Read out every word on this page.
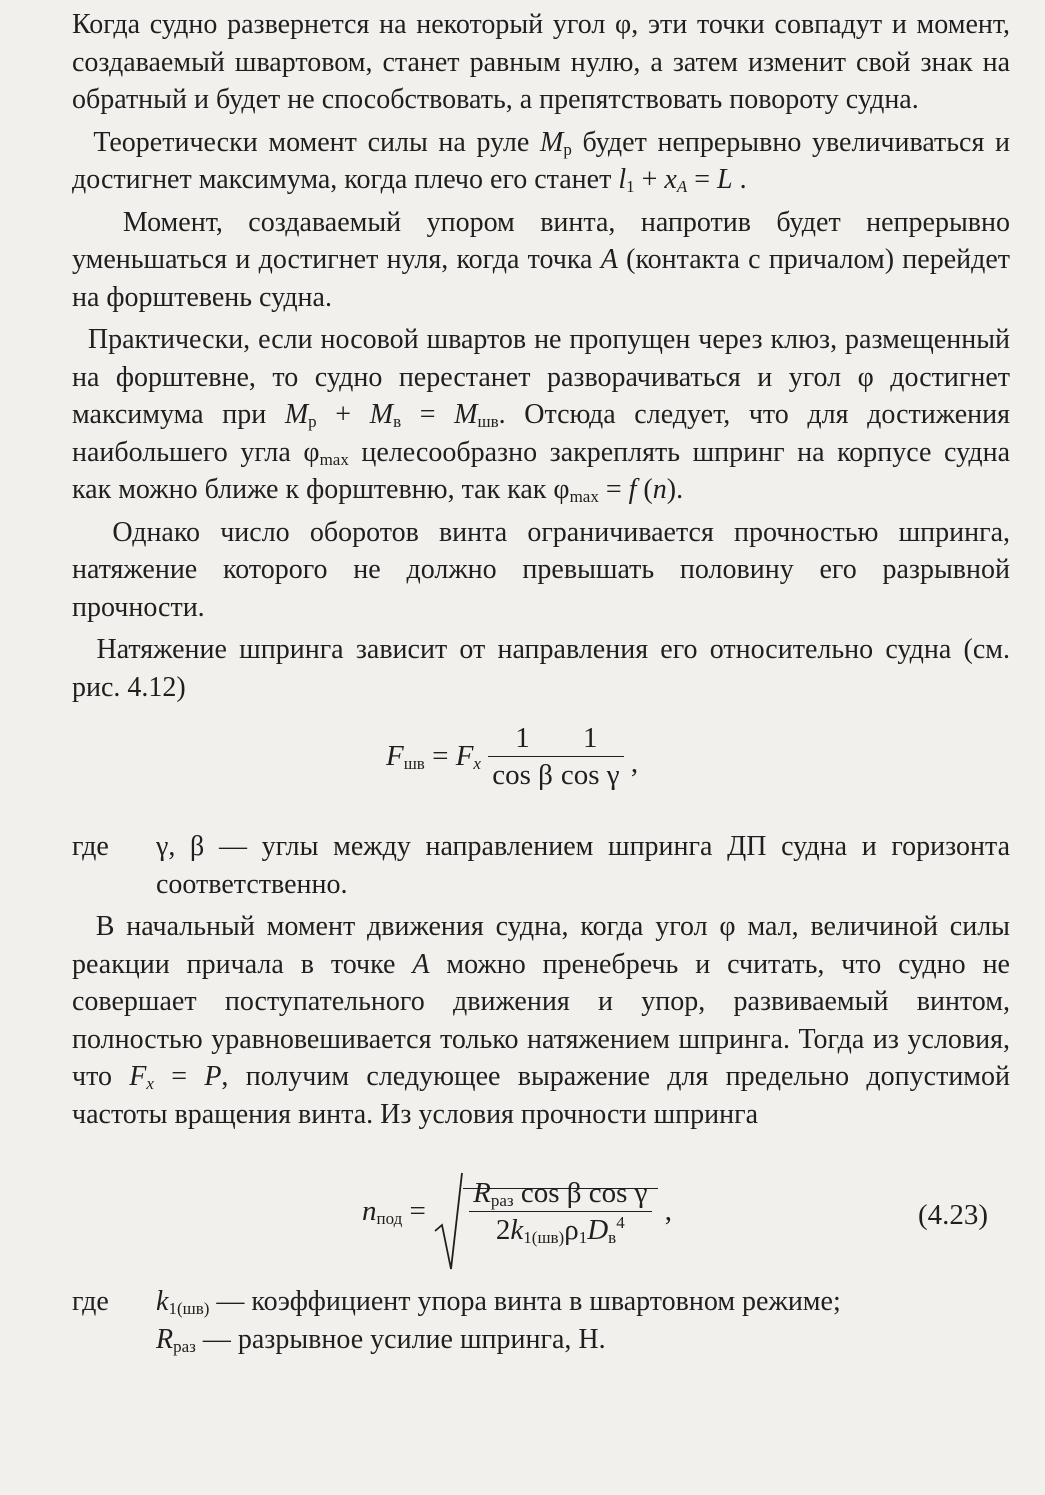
Когда судно развернется на некоторый угол φ, эти точки совпадут и момент, создаваемый швартовом, станет равным нулю, а затем изменит свой знак на обратный и будет не способствовать, а препятствовать повороту судна.

Теоретически момент силы на руле $M_р$ будет непрерывно увеличиваться и достигнет максимума, когда плечо его станет $l_1 + x_A = L$ .

Момент, создаваемый упором винта, напротив будет непрерывно уменьшаться и достигнет нуля, когда точка A (контакта с причалом) перейдет на форштевень судна.

Практически, если носовой швартов не пропущен через клюз, размещенный на форштевне, то судно перестанет разворачиваться и угол φ достигнет максимума при $M_р + M_в = M_{шв}$. Отсюда следует, что для достижения наибольшего угла $\varphi_{max}$ целесообразно закреплять шпринг на корпусе судна как можно ближе к форштевню, так как $\varphi_{max} = f$ (n).

Однако число оборотов винта ограничивается прочностью шпринга, натяжение которого не должно превышать половину его разрывной прочности.

Натяжение шпринга зависит от направления его относительно судна (см. рис. 4.12)

$F_{шв} = F_x \frac{1}{\text{cos β}} \frac{1}{\text{cos γ}}$ ,
где	γ, β — углы между направлением шпринга ДП судна и горизонта соответственно.

В начальный момент движения судна, когда угол φ мал, величиной силы реакции причала в точке A можно пренебречь и считать, что судно не совершает поступательного движения и упор, развиваемый винтом, полностью уравновешивается только натяжением шпринга. Тогда из условия, что $F_x = P$, получим следующее выражение для предельно допустимой частоты вращения винта. Из условия прочности шпринга

$n_{под} = \frac{R_{раз} \cos \beta \cos \gamma}{2k_{1(шв)}\rho_1D_в^4}$ ,	(4.23)
где	$k_{1(шв)}$ — коэффициент упора винта в швартовном режиме;
$R_{раз}$ — разрывное усилие шпринга, Н.
